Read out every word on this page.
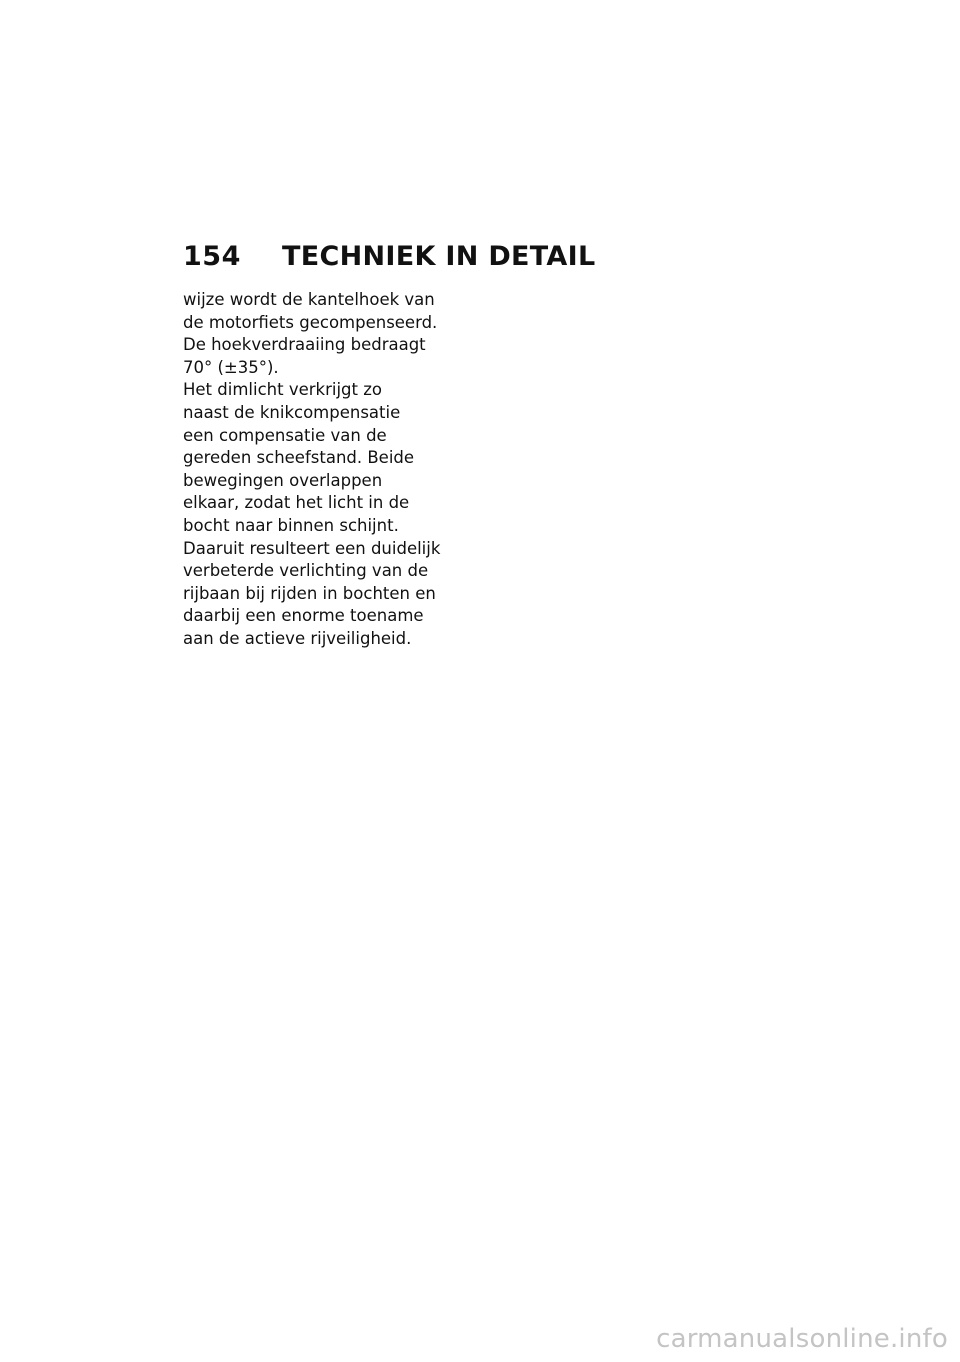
154	TECHNIEK IN DETAIL
wijze wordt de kantelhoek van
de motorfiets gecompenseerd.
De hoekverdraaiing bedraagt
70° (±35°).
Het dimlicht verkrijgt zo
naast de knikcompensatie
een compensatie van de
gereden scheefstand. Beide
bewegingen overlappen
elkaar, zodat het licht in de
bocht naar binnen schijnt.
Daaruit resulteert een duidelijk
verbeterde verlichting van de
rijbaan bij rijden in bochten en
daarbij een enorme toename
aan de actieve rijveiligheid.
carmanualsonline.info
